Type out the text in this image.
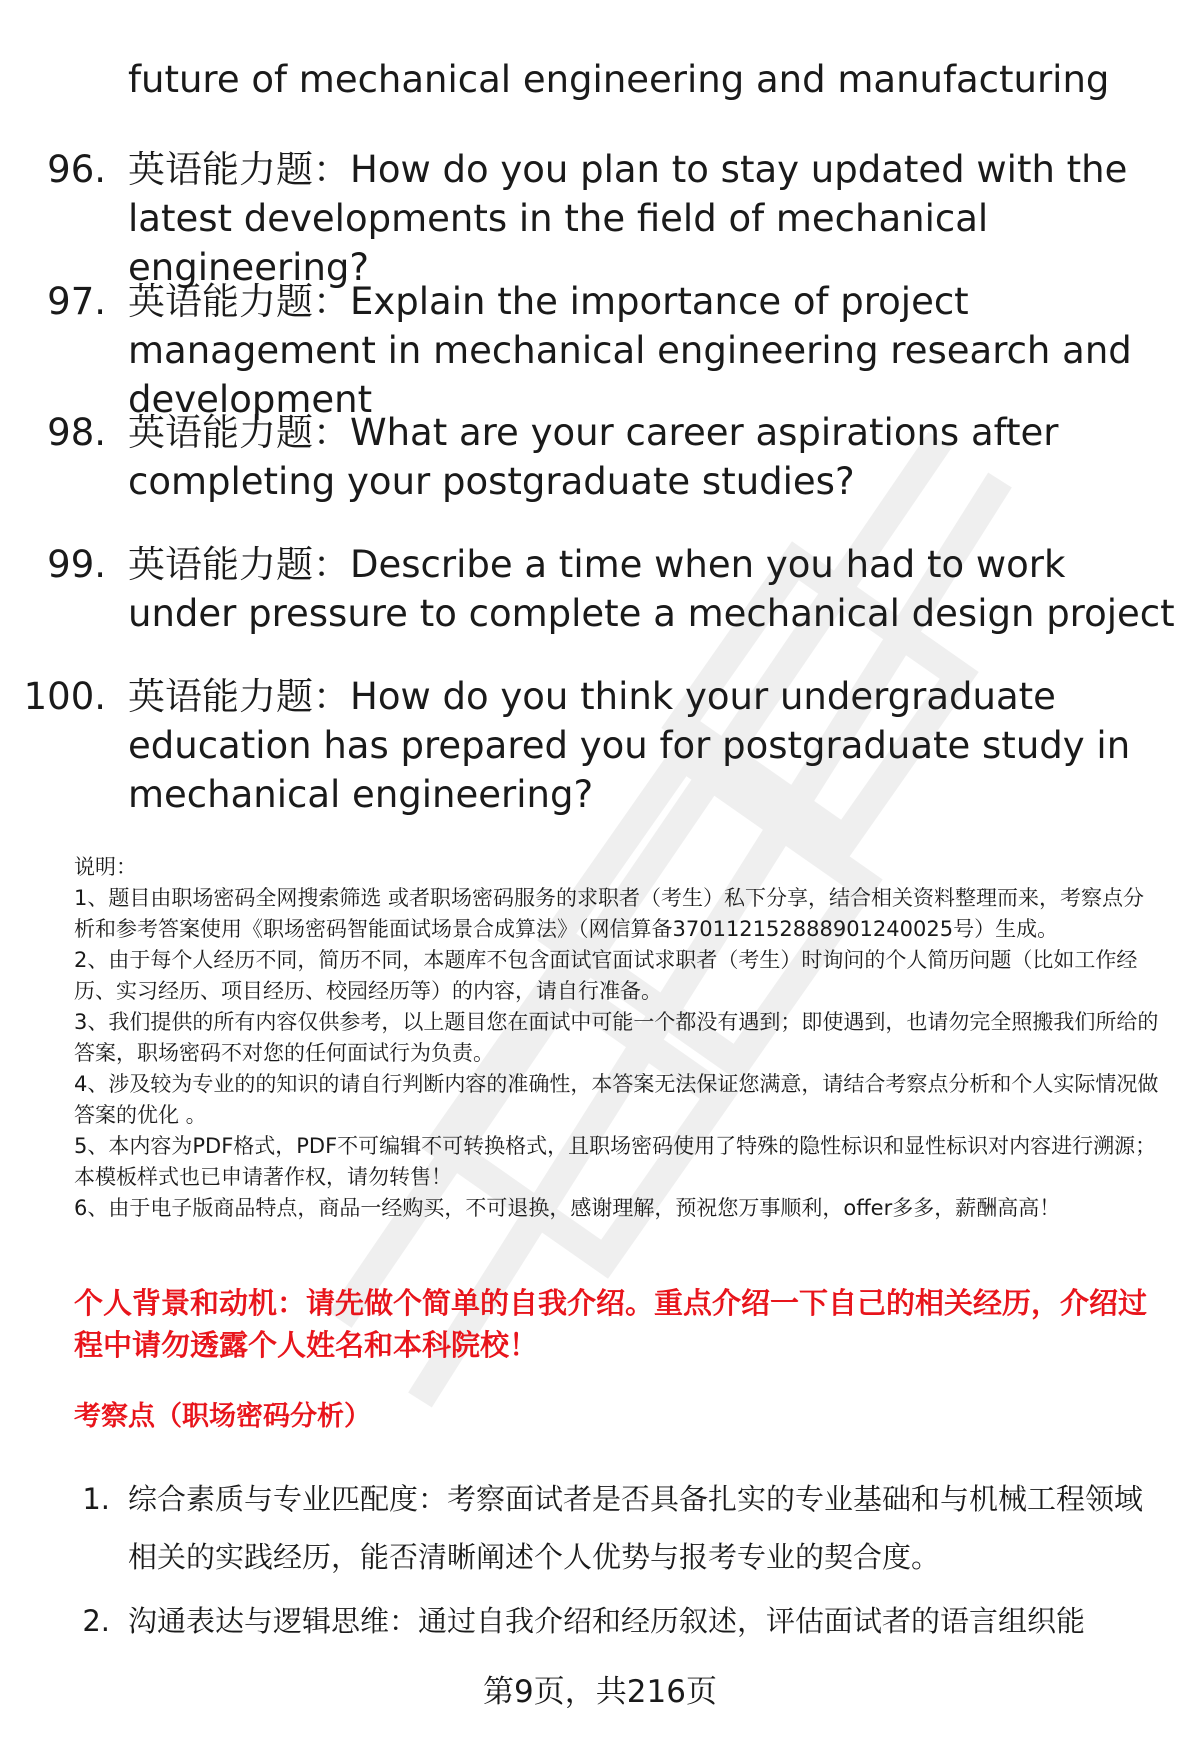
future of mechanical engineering and manufacturing
96. 英语能力题：How do you plan to stay updated with the latest developments in the field of mechanical engineering?
97. 英语能力题：Explain the importance of project management in mechanical engineering research and development
98. 英语能力题：What are your career aspirations after completing your postgraduate studies?
99. 英语能力题：Describe a time when you had to work under pressure to complete a mechanical design project
100. 英语能力题：How do you think your undergraduate education has prepared you for postgraduate study in mechanical engineering?

说明：

1、题目由职场密码全网搜索筛选 或者职场密码服务的求职者（考生）私下分享，结合相关资料整理而来，考察点分析和参考答案使用《职场密码智能面试场景合成算法》（网信算备370112152888901240025号）生成。

2、由于每个人经历不同，简历不同，本题库不包含面试官面试求职者（考生）时询问的个人简历问题（比如工作经历、实习经历、项目经历、校园经历等）的内容，请自行准备。

3、我们提供的所有内容仅供参考，以上题目您在面试中可能一个都没有遇到；即使遇到，也请勿完全照搬我们所给的答案，职场密码不对您的任何面试行为负责。

4、涉及较为专业的的知识的请自行判断内容的准确性，本答案无法保证您满意，请结合考察点分析和个人实际情况做答案的优化 。

5、本内容为PDF格式，PDF不可编辑不可转换格式，且职场密码使用了特殊的隐性标识和显性标识对内容进行溯源；本模板样式也已申请著作权，请勿转售！

6、由于电子版商品特点，商品一经购买，不可退换，感谢理解，预祝您万事顺利，offer多多，薪酬高高！

个人背景和动机：请先做个简单的自我介绍。重点介绍一下自己的相关经历，介绍过程中请勿透露个人姓名和本科院校！

考察点（职场密码分析）

1. 综合素质与专业匹配度：考察面试者是否具备扎实的专业基础和与机械工程领域相关的实践经历，能否清晰阐述个人优势与报考专业的契合度。
2. 沟通表达与逻辑思维：通过自我介绍和经历叙述，评估面试者的语言组织能
第9页，共216页
